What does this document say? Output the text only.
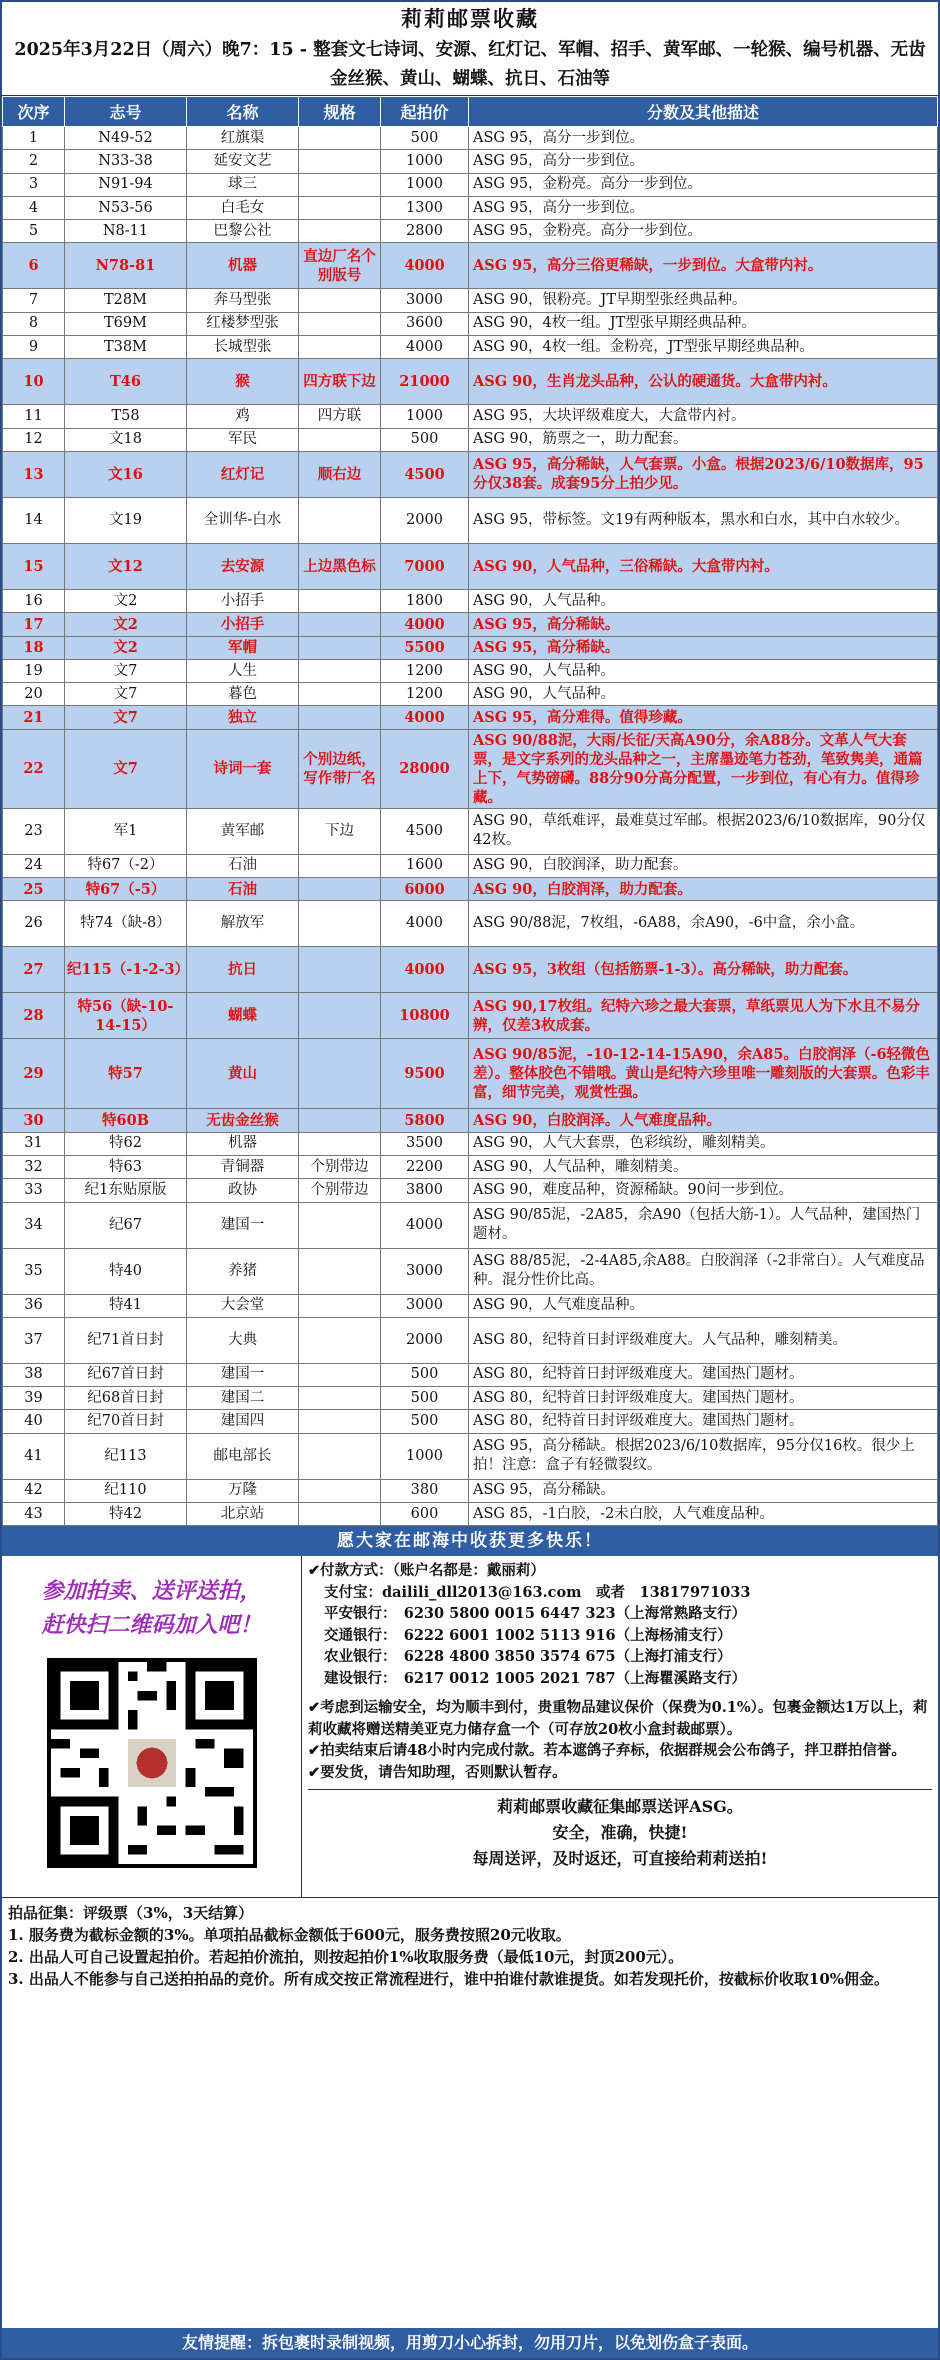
莉莉邮票收藏
2025年3月22日（周六）晚7：15 - 整套文七诗词、安源、红灯记、军帽、招手、黄军邮、一轮猴、编号机器、无齿金丝猴、黄山、蝴蝶、抗日、石油等
次序	志号	名称	规格	起拍价	分数及其他描述
1	N49-52	红旗渠		500	ASG 95，高分一步到位。
2	N33-38	延安文艺		1000	ASG 95，高分一步到位。
3	N91-94	球三		1000	ASG 95，金粉亮。高分一步到位。
4	N53-56	白毛女		1300	ASG 95，高分一步到位。
5	N8-11	巴黎公社		2800	ASG 95，金粉亮。高分一步到位。
6	N78-81	机器	直边厂名个别版号	4000	ASG 95，高分三俗更稀缺，一步到位。大盒带内衬。
7	T28M	奔马型张		3000	ASG 90，银粉亮。JT早期型张经典品种。
8	T69M	红楼梦型张		3600	ASG 90，4枚一组。JT型张早期经典品种。
9	T38M	长城型张		4000	ASG 90，4枚一组。金粉亮，JT型张早期经典品种。
10	T46	猴	四方联下边	21000	ASG 90，生肖龙头品种，公认的硬通货。大盒带内衬。
11	T58	鸡	四方联	1000	ASG 95，大块评级难度大，大盒带内衬。
12	文18	军民		500	ASG 90，筋票之一，助力配套。
13	文16	红灯记	顺右边	4500	ASG 95，高分稀缺，人气套票。小盒。根据2023/6/10数据库，95分仅38套。成套95分上拍少见。
14	文19	全训华-白水		2000	ASG 95，带标签。文19有两种版本，黑水和白水，其中白水较少。
15	文12	去安源	上边黑色标	7000	ASG 90，人气品种，三俗稀缺。大盒带内衬。
16	文2	小招手		1800	ASG 90，人气品种。
17	文2	小招手		4000	ASG 95，高分稀缺。
18	文2	军帽		5500	ASG 95，高分稀缺。
19	文7	人生		1200	ASG 90，人气品种。
20	文7	暮色		1200	ASG 90，人气品种。
21	文7	独立		4000	ASG 95，高分难得。值得珍藏。
22	文7	诗词一套	个别边纸，写作带厂名	28000	ASG 90/88泥，大雨/长征/天高A90分，余A88分。文革人气大套票，是文字系列的龙头品种之一，主席墨迹笔力苍劲，笔致隽美，通篇上下，气势磅礴。88分90分高分配置，一步到位，有心有力。值得珍藏。
23	军1	黄军邮	下边	4500	ASG 90，草纸难评，最难莫过军邮。根据2023/6/10数据库，90分仅42枚。
24	特67（-2）	石油		1600	ASG 90，白胶润泽，助力配套。
25	特67（-5）	石油		6000	ASG 90，白胶润泽，助力配套。
26	特74（缺-8）	解放军		4000	ASG 90/88泥，7枚组，-6A88，余A90，-6中盒，余小盒。
27	纪115（-1-2-3）	抗日		4000	ASG 95，3枚组（包括筋票-1-3）。高分稀缺，助力配套。
28	特56（缺-10-14-15）	蝴蝶		10800	ASG 90,17枚组。纪特六珍之最大套票，草纸票见人为下水且不易分辨，仅差3枚成套。
29	特57	黄山		9500	ASG 90/85泥，-10-12-14-15A90，余A85。白胶润泽（-6轻微色差）。整体胶色不错哦。黄山是纪特六珍里唯一雕刻版的大套票。色彩丰富，细节完美，观赏性强。
30	特60B	无齿金丝猴		5800	ASG 90，白胶润泽。人气难度品种。
31	特62	机器		3500	ASG 90，人气大套票，色彩缤纷，雕刻精美。
32	特63	青铜器	个别带边	2200	ASG 90，人气品种，雕刻精美。
33	纪1东贴原版	政协	个别带边	3800	ASG 90，难度品种，资源稀缺。90问一步到位。
34	纪67	建国一		4000	ASG 90/85泥，-2A85，余A90（包括大筋-1）。人气品种，建国热门题材。
35	特40	养猪		3000	ASG 88/85泥，-2-4A85,余A88。白胶润泽（-2非常白）。人气难度品种。混分性价比高。
36	特41	大会堂		3000	ASG 90，人气难度品种。
37	纪71首日封	大典		2000	ASG 80，纪特首日封评级难度大。人气品种，雕刻精美。
38	纪67首日封	建国一		500	ASG 80，纪特首日封评级难度大。建国热门题材。
39	纪68首日封	建国二		500	ASG 80，纪特首日封评级难度大。建国热门题材。
40	纪70首日封	建国四		500	ASG 80，纪特首日封评级难度大。建国热门题材。
41	纪113	邮电部长		1000	ASG 95，高分稀缺。根据2023/6/10数据库，95分仅16枚。很少上拍！注意：盒子有轻微裂纹。
42	纪110	万隆		380	ASG 95，高分稀缺。
43	特42	北京站		600	ASG 85，-1白胶，-2未白胶，人气难度品种。
愿大家在邮海中收获更多快乐！
参加拍卖、送评送拍，
赶快扫二维码加入吧！
✔付款方式：（账户名都是：戴丽莉）
支付宝：dailili_dll2013@163.com　或者　13817971033
平安银行：　6230 5800 0015 6447 323（上海常熟路支行）
交通银行：　6222 6001 1002 5113 916（上海杨浦支行）
农业银行：　6228 4800 3850 3574 675（上海打浦支行）
建设银行：　6217 0012 1005 2021 787（上海瞿溪路支行）
✔考虑到运输安全，均为顺丰到付，贵重物品建议保价（保费为0.1%）。包裹金额达1万以上，莉莉收藏将赠送精美亚克力储存盒一个（可存放20枚小盒封裁邮票）。
✔拍卖结束后请48小时内完成付款。若本遮鸽子弃标，依据群规会公布鸽子，拌卫群拍信誉。
✔要发货，请告知助理，否则默认暂存。
莉莉邮票收藏征集邮票送评ASG。
安全，准确，快捷!
每周送评，及时返还，可直接给莉莉送拍!
拍品征集：评级票（3%，3天结算）
1. 服务费为截标金额的3%。单项拍品截标金额低于600元，服务费按照20元收取。
2. 出品人可自己设置起拍价。若起拍价流拍，则按起拍价1%收取服务费（最低10元，封顶200元）。
3. 出品人不能参与自己送拍拍品的竞价。所有成交按正常流程进行，谁中拍谁付款谁提货。如若发现托价，按截标价收取10%佣金。
友情提醒：拆包裹时录制视频，用剪刀小心拆封，勿用刀片，以免划伤盒子表面。
